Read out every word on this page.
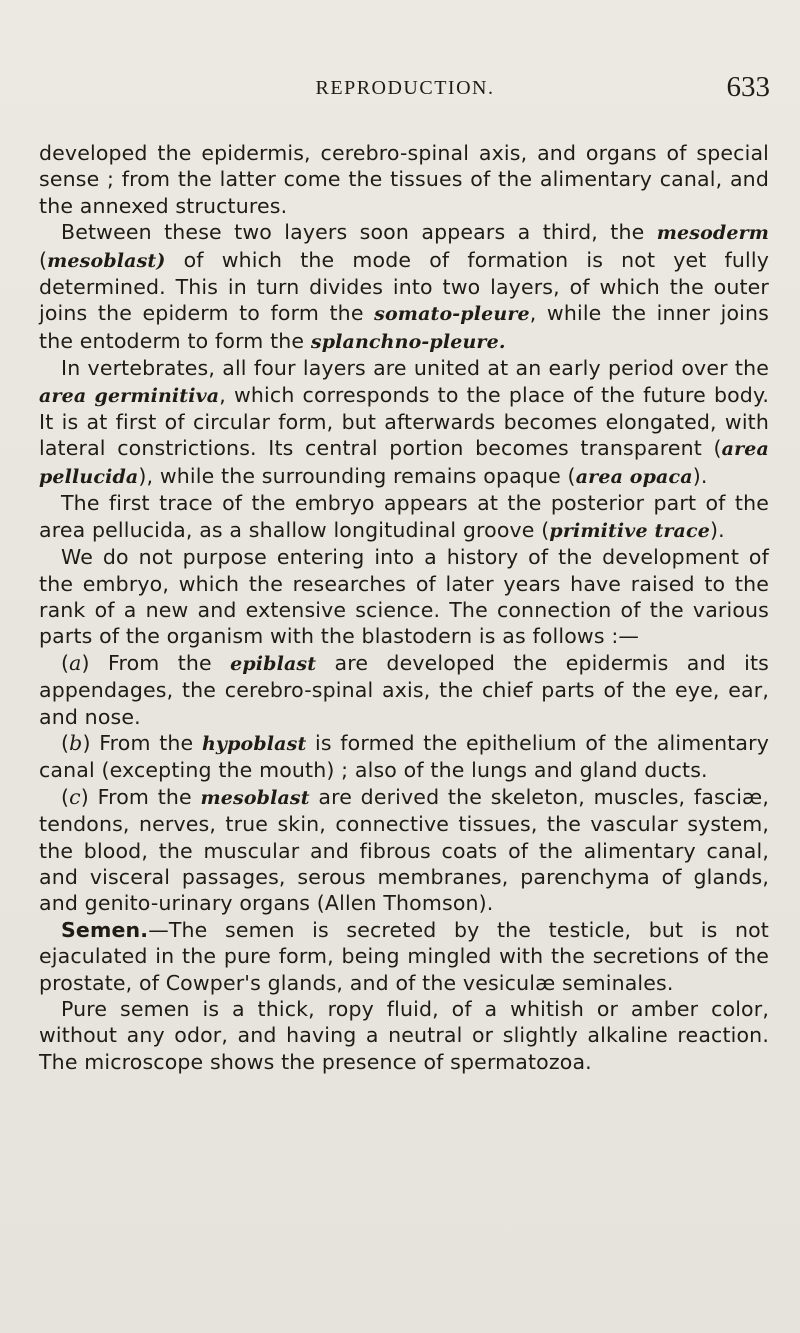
REPRODUCTION.	633

developed the epidermis, cerebro-spinal axis, and organs of special sense ; from the latter come the tissues of the alimentary canal, and the annexed structures.

Between these two layers soon appears a third, the mesoderm (mesoblast) of which the mode of formation is not yet fully determined. This in turn divides into two layers, of which the outer joins the epiderm to form the somato-pleure, while the inner joins the entoderm to form the splanchno-pleure.

In vertebrates, all four layers are united at an early period over the area germinitiva, which corresponds to the place of the future body. It is at first of circular form, but afterwards becomes elongated, with lateral constrictions. Its central portion becomes transparent (area pellucida), while the surrounding remains opaque (area opaca).

The first trace of the embryo appears at the posterior part of the area pellucida, as a shallow longitudinal groove (primitive trace).

We do not purpose entering into a history of the development of the embryo, which the researches of later years have raised to the rank of a new and extensive science. The connection of the various parts of the organism with the blastodern is as follows :—

(a) From the epiblast are developed the epidermis and its appendages, the cerebro-spinal axis, the chief parts of the eye, ear, and nose.

(b) From the hypoblast is formed the epithelium of the alimentary canal (excepting the mouth) ; also of the lungs and gland ducts.

(c) From the mesoblast are derived the skeleton, muscles, fasciæ, tendons, nerves, true skin, connective tissues, the vascular system, the blood, the muscular and fibrous coats of the alimentary canal, and visceral passages, serous membranes, parenchyma of glands, and genito-urinary organs (Allen Thomson).

Semen.—The semen is secreted by the testicle, but is not ejaculated in the pure form, being mingled with the secretions of the prostate, of Cowper's glands, and of the vesiculæ seminales.

Pure semen is a thick, ropy fluid, of a whitish or amber color, without any odor, and having a neutral or slightly alkaline reaction. The microscope shows the presence of spermatozoa.
